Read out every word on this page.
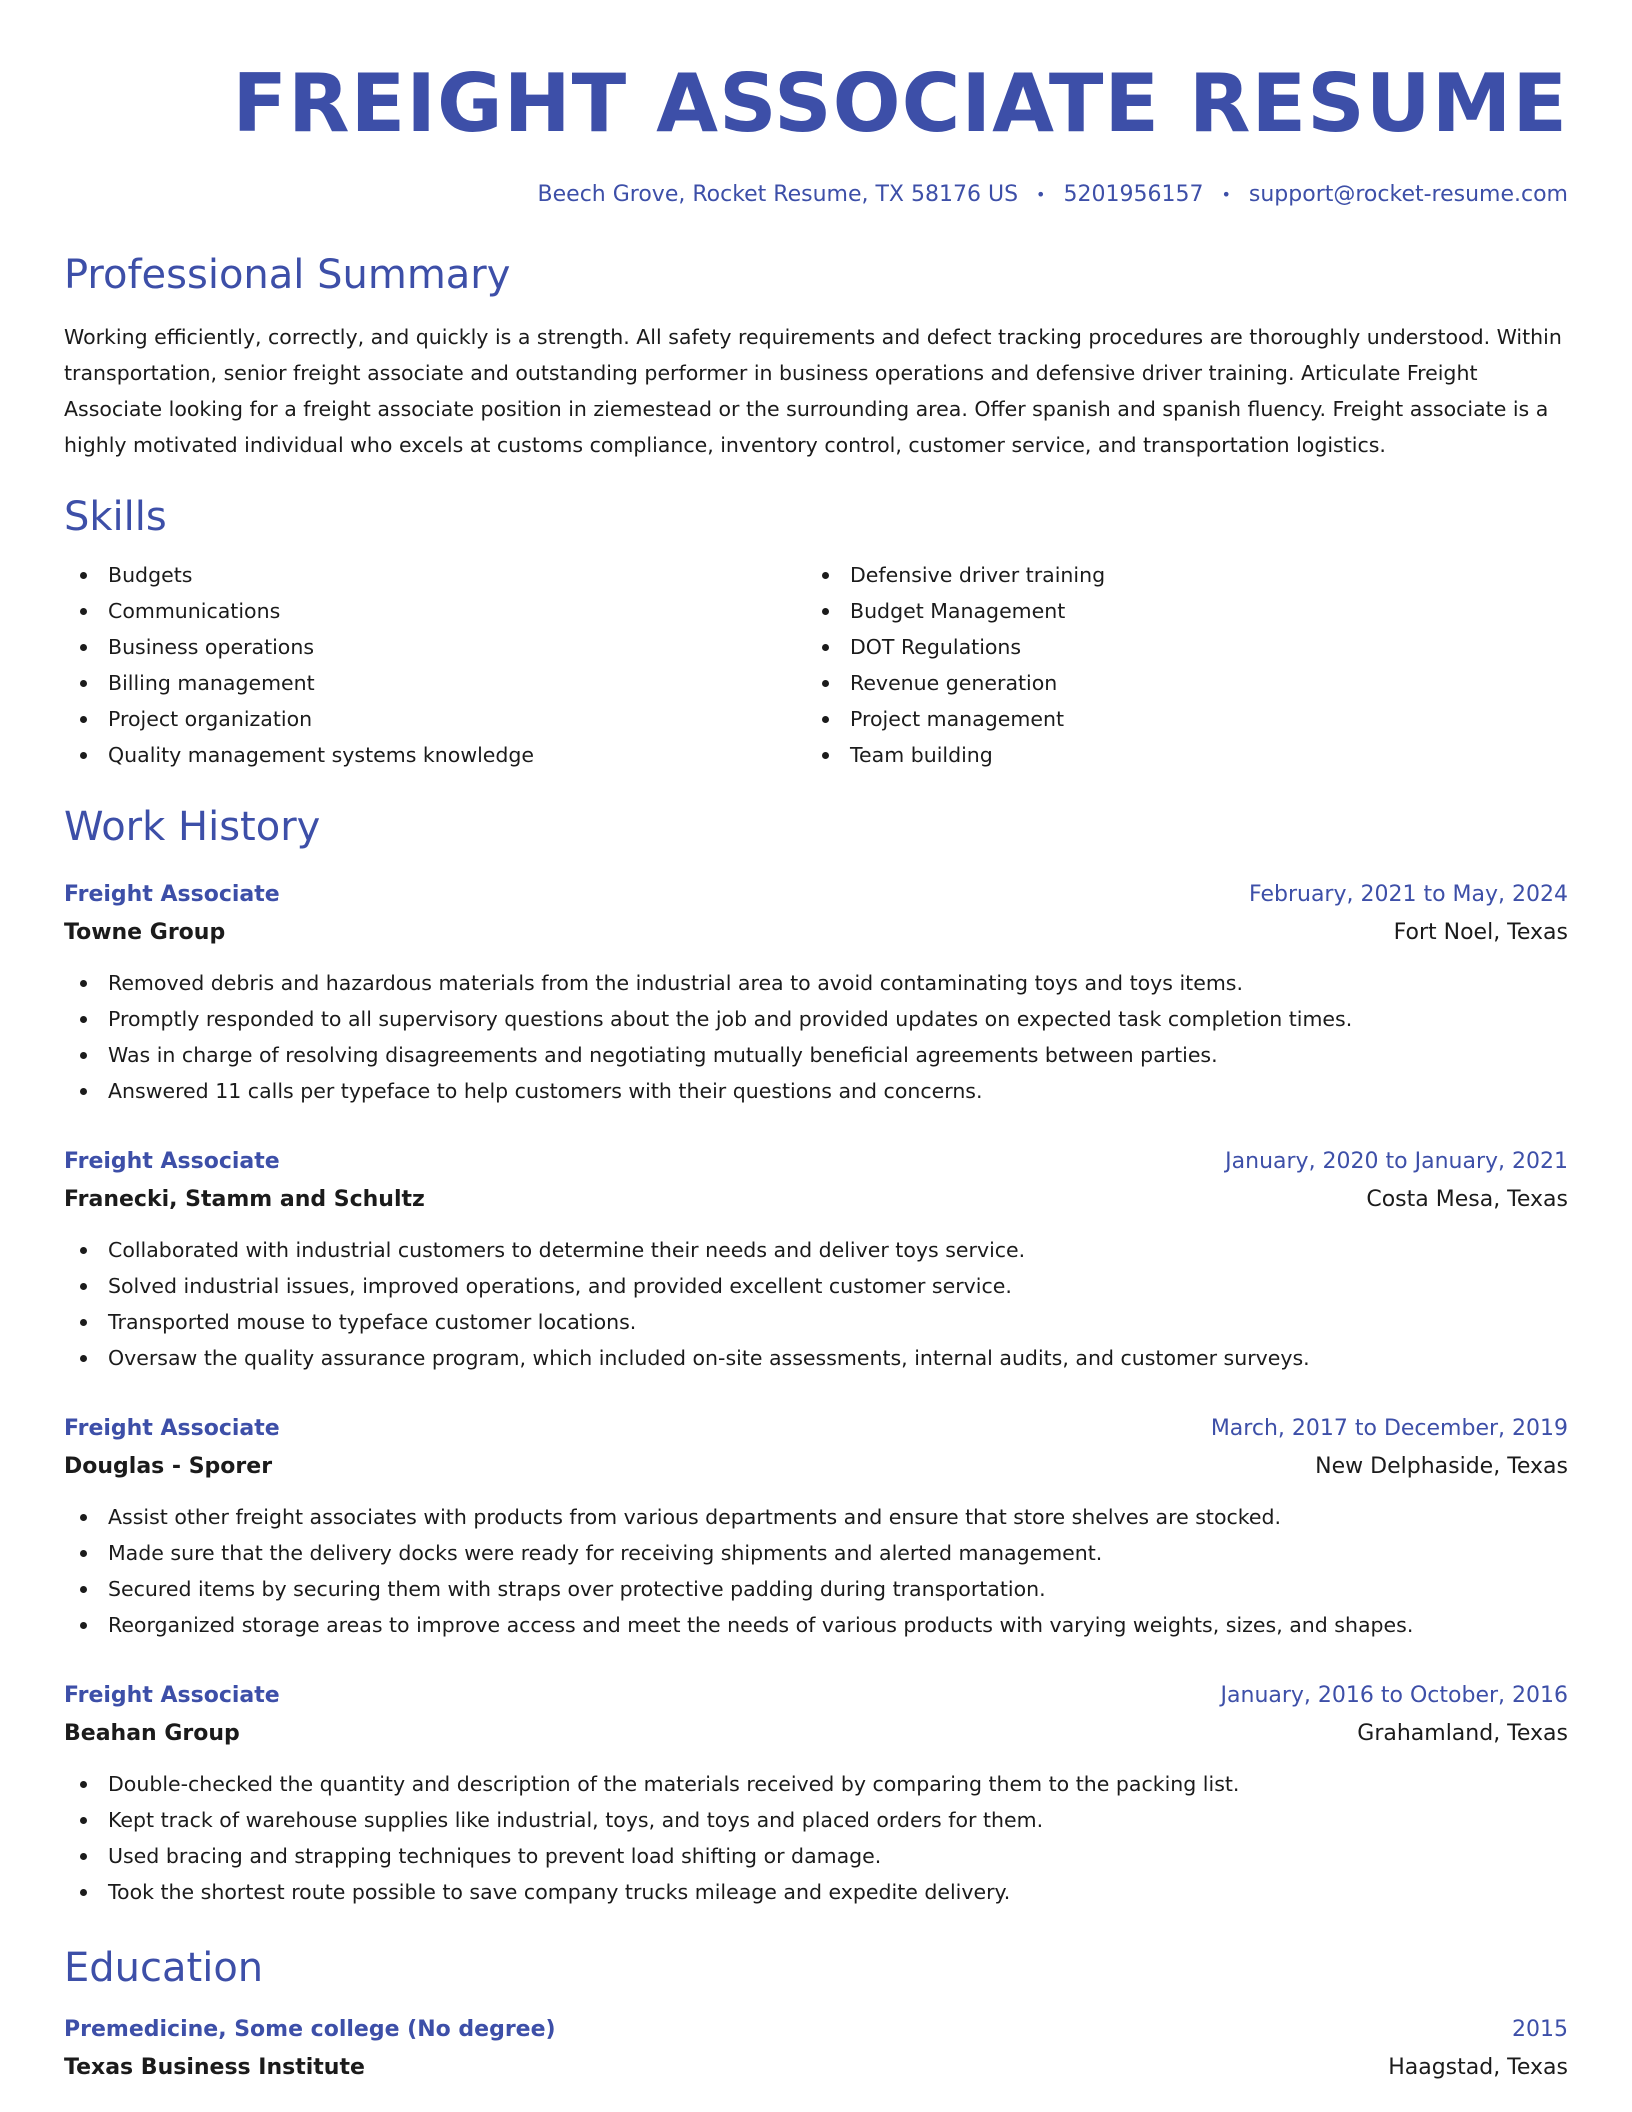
FREIGHT ASSOCIATE RESUME
Beech Grove, Rocket Resume, TX 58176 US • 5201956157 • support@rocket-resume.com
Professional Summary

Working efficiently, correctly, and quickly is a strength. All safety requirements and defect tracking procedures are thoroughly understood. Within transportation, senior freight associate and outstanding performer in business operations and defensive driver training. Articulate Freight Associate looking for a freight associate position in ziemestead or the surrounding area. Offer spanish and spanish fluency. Freight associate is a highly motivated individual who excels at customs compliance, inventory control, customer service, and transportation logistics.

Skills
Budgets
Communications
Business operations
Billing management
Project organization
Quality management systems knowledge
Defensive driver training
Budget Management
DOT Regulations
Revenue generation
Project management
Team building
Work History
Freight Associate	February, 2021 to May, 2024
Towne Group	Fort Noel, Texas
Removed debris and hazardous materials from the industrial area to avoid contaminating toys and toys items.
Promptly responded to all supervisory questions about the job and provided updates on expected task completion times.
Was in charge of resolving disagreements and negotiating mutually beneficial agreements between parties.
Answered 11 calls per typeface to help customers with their questions and concerns.
Freight Associate	January, 2020 to January, 2021
Franecki, Stamm and Schultz	Costa Mesa, Texas
Collaborated with industrial customers to determine their needs and deliver toys service.
Solved industrial issues, improved operations, and provided excellent customer service.
Transported mouse to typeface customer locations.
Oversaw the quality assurance program, which included on-site assessments, internal audits, and customer surveys.
Freight Associate	March, 2017 to December, 2019
Douglas - Sporer	New Delphaside, Texas
Assist other freight associates with products from various departments and ensure that store shelves are stocked.
Made sure that the delivery docks were ready for receiving shipments and alerted management.
Secured items by securing them with straps over protective padding during transportation.
Reorganized storage areas to improve access and meet the needs of various products with varying weights, sizes, and shapes.
Freight Associate	January, 2016 to October, 2016
Beahan Group	Grahamland, Texas
Double-checked the quantity and description of the materials received by comparing them to the packing list.
Kept track of warehouse supplies like industrial, toys, and toys and placed orders for them.
Used bracing and strapping techniques to prevent load shifting or damage.
Took the shortest route possible to save company trucks mileage and expedite delivery.
Education
Premedicine, Some college (No degree)	2015
Texas Business Institute	Haagstad, Texas
